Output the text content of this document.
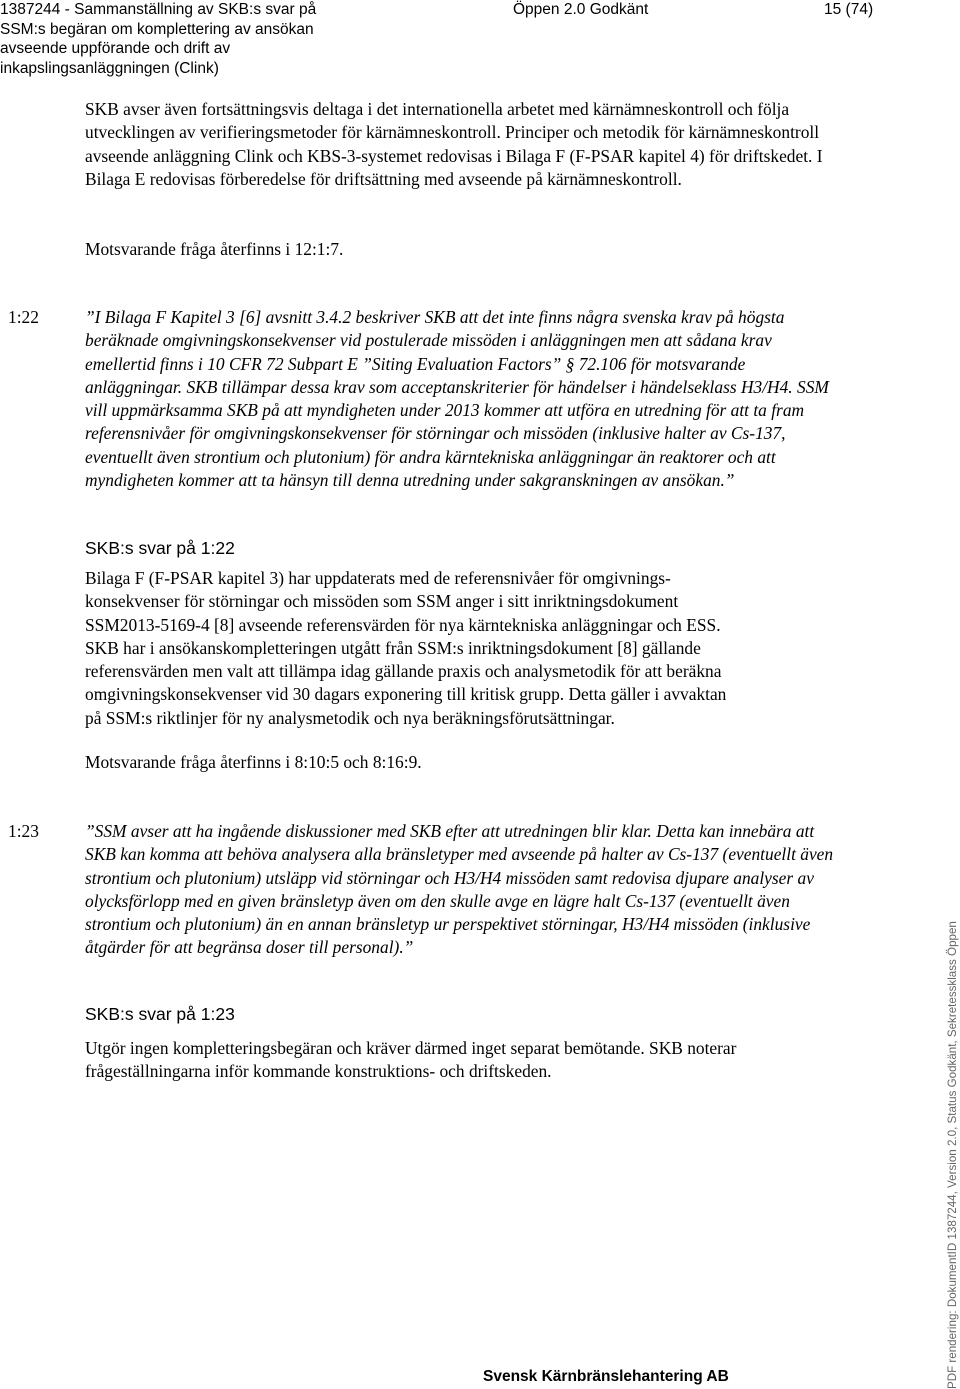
1387244 - Sammanställning av SKB:s svar på
SSM:s begäran om komplettering av ansökan
avseende uppförande och drift av
inkapslingsanläggningen (Clink)
Öppen 2.0 Godkänt	15 (74)

SKB avser även fortsättningsvis deltaga i det internationella arbetet med kärnämneskontroll och följa utvecklingen av verifieringsmetoder för kärnämneskontroll. Principer och metodik för kärnämneskontroll avseende anläggning Clink och KBS-3-systemet redovisas i Bilaga F (F-PSAR kapitel 4) för driftskedet. I Bilaga E redovisas förberedelse för driftsättning med avseende på kärnämneskontroll.

Motsvarande fråga återfinns i 12:1:7.

1:22	”I Bilaga F Kapitel 3 [6] avsnitt 3.4.2 beskriver SKB att det inte finns några svenska krav på högsta beräknade omgivningskonsekvenser vid postulerade missöden i anläggningen men att sådana krav emellertid finns i 10 CFR 72 Subpart E ”Siting Evaluation Factors” § 72.106 för motsvarande anläggningar. SKB tillämpar dessa krav som acceptanskriterier för händelser i händelseklass H3/H4. SSM vill uppmärksamma SKB på att myndigheten under 2013 kommer att utföra en utredning för att ta fram referensnivåer för omgivningskonsekvenser för störningar och missöden (inklusive halter av Cs-137, eventuellt även strontium och plutonium) för andra kärntekniska anläggningar än reaktorer och att myndigheten kommer att ta hänsyn till denna utredning under sakgranskningen av ansökan.”

SKB:s svar på 1:22
Bilaga F (F-PSAR kapitel 3) har uppdaterats med de referensnivåer för omgivnings-
konsekvenser för störningar och missöden som SSM anger i sitt inriktningsdokument
SSM2013-5169-4 [8] avseende referensvärden för nya kärntekniska anläggningar och ESS.
SKB har i ansökanskompletteringen utgått från SSM:s inriktningsdokument [8] gällande
referensvärden men valt att tillämpa idag gällande praxis och analysmetodik för att beräkna
omgivningskonsekvenser vid 30 dagars exponering till kritisk grupp. Detta gäller i avvaktan
på SSM:s riktlinjer för ny analysmetodik och nya beräkningsförutsättningar.

Motsvarande fråga återfinns i 8:10:5 och 8:16:9.

1:23	”SSM avser att ha ingående diskussioner med SKB efter att utredningen blir klar. Detta kan innebära att SKB kan komma att behöva analysera alla bränsletyper med avseende på halter av Cs-137 (eventuellt även strontium och plutonium) utsläpp vid störningar och H3/H4 missöden samt redovisa djupare analyser av olycksförlopp med en given bränsletyp även om den skulle avge en lägre halt Cs-137 (eventuellt även strontium och plutonium) än en annan bränsletyp ur perspektivet störningar, H3/H4 missöden (inklusive åtgärder för att begränsa doser till personal).”

SKB:s svar på 1:23
Utgör ingen kompletteringsbegäran och kräver därmed inget separat bemötande. SKB noterar
frågeställningarna inför kommande konstruktions- och driftskeden.
Svensk Kärnbränslehantering AB	PDF rendering: DokumentID 1387244, Version 2.0, Status Godkänt, Sekretessklass Öppen
